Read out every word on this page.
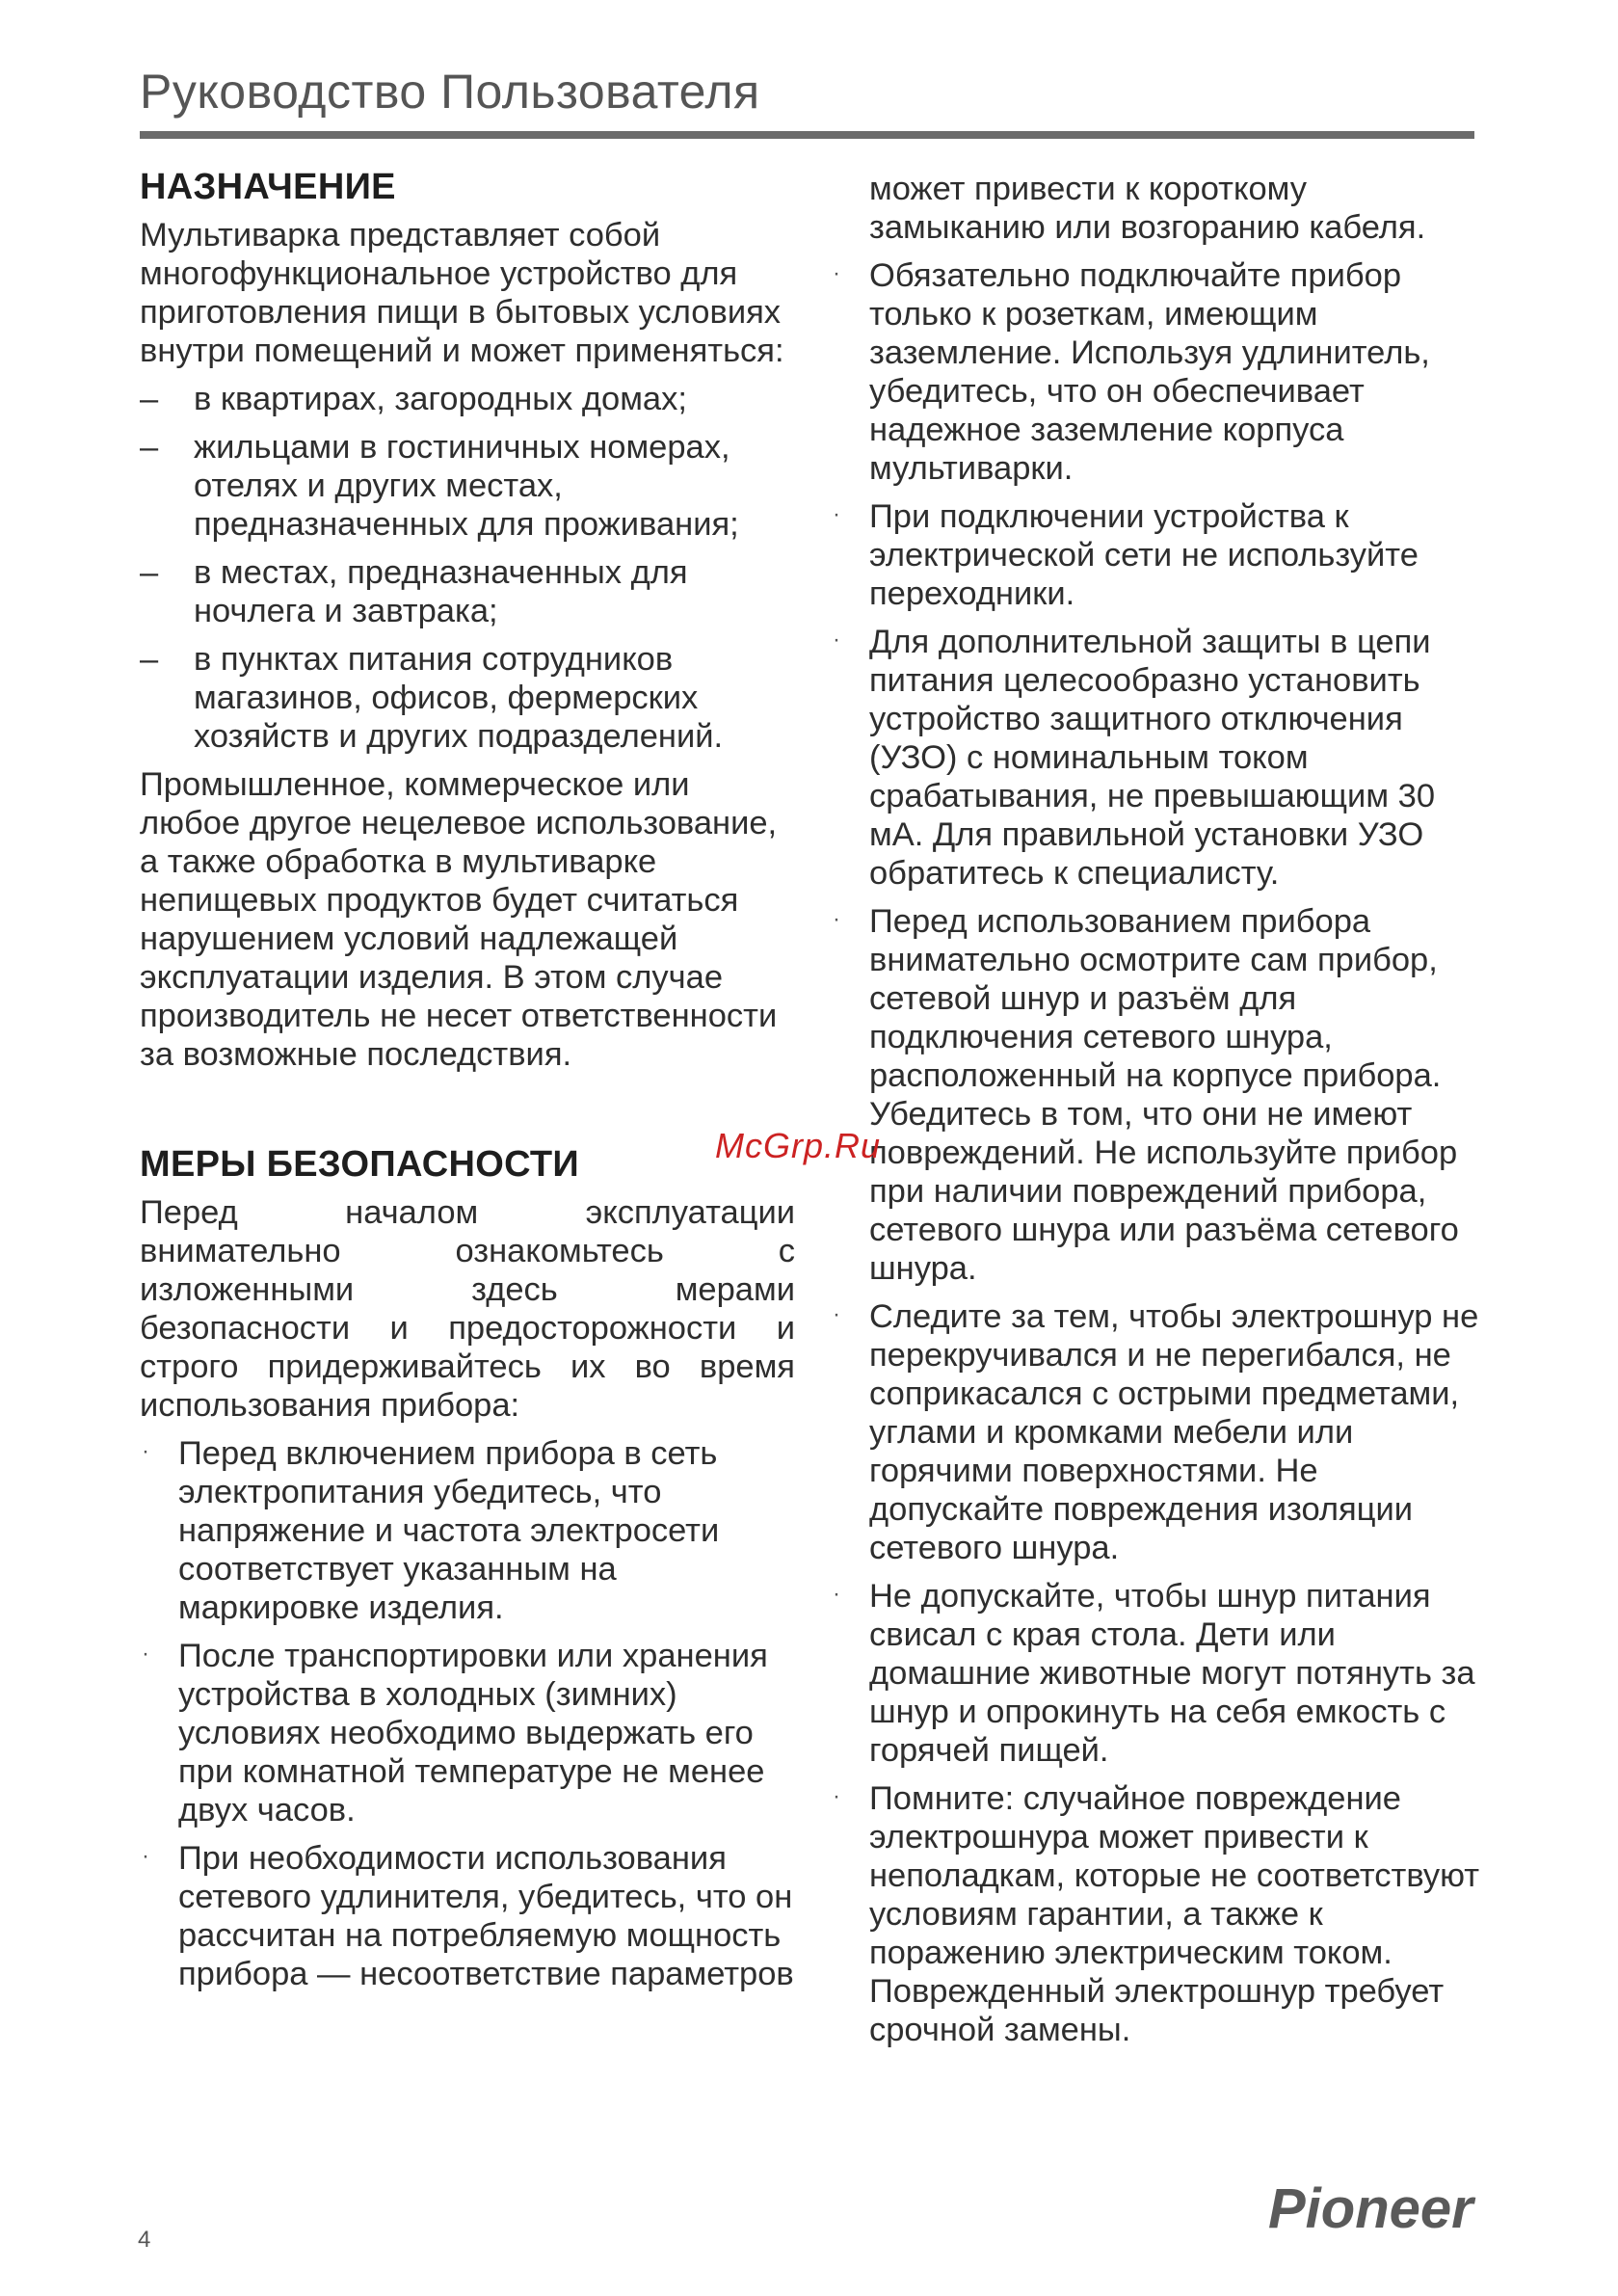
Руководство Пользователя
НАЗНАЧЕНИЕ

Мультиварка представляет собой многофункциональное устройство для приготовления пищи в бытовых условиях внутри помещений и может применяться:

– в квартирах, загородных домах;
– жильцами в гостиничных номерах, отелях и других местах, предназначенных для проживания;
– в местах, предназначенных для ночлега и завтрака;
– в пунктах питания сотрудников магазинов, офисов, фермерских хозяйств и других подразделений.

Промышленное, коммерческое или любое другое нецелевое использование, а также обработка в мультиварке непищевых продуктов будет считаться нарушением условий надлежащей эксплуатации изделия. В этом случае производитель не несет ответственности за возможные последствия.

МЕРЫ БЕЗОПАСНОСТИ

Перед началом эксплуатации внимательно ознакомьтесь с изложенными здесь мерами безопасности и предосторожности и строго придерживайтесь их во время использования прибора:

· Перед включением прибора в сеть электропитания убедитесь, что напряжение и частота электросети соответствует указанным на маркировке изделия.
· После транспортировки или хранения устройства в холодных (зимних) условиях необходимо выдержать его при комнатной температуре не менее двух часов.
· При необходимости использования сетевого удлинителя, убедитесь, что он рассчитан на потребляемую мощность прибора — несоответствие параметров
может привести к короткому замыканию или возгоранию кабеля.
· Обязательно подключайте прибор только к розеткам, имеющим заземление. Используя удлинитель, убедитесь, что он обеспечивает надежное заземление корпуса мультиварки.
· При подключении устройства к электрической сети не используйте переходники.
· Для дополнительной защиты в цепи питания целесообразно установить устройство защитного отключения (УЗО) с номинальным током срабатывания, не превышающим 30 мА. Для правильной установки УЗО обратитесь к специалисту.
· Перед использованием прибора внимательно осмотрите сам прибор, сетевой шнур и разъём для подключения сетевого шнура, расположенный на корпусе прибора. Убедитесь в том, что они не имеют повреждений. Не используйте прибор при наличии повреждений прибора, сетевого шнура или разъёма сетевого шнура.
· Следите за тем, чтобы электрошнур не перекручивался и не перегибался, не соприкасался с острыми предметами, углами и кромками мебели или горячими поверхностями. Не допускайте повреждения изоляции сетевого шнура.
· Не допускайте, чтобы шнур питания свисал с края стола. Дети или домашние животные могут потянуть за шнур и опрокинуть на себя емкость с горячей пищей.
· Помните: случайное повреждение электрошнура может привести к неполадкам, которые не соответствуют условиям гарантии, а также к поражению электрическим током. Поврежденный электрошнур требует срочной замены.
McGrp.Ru
Pioneer
4
